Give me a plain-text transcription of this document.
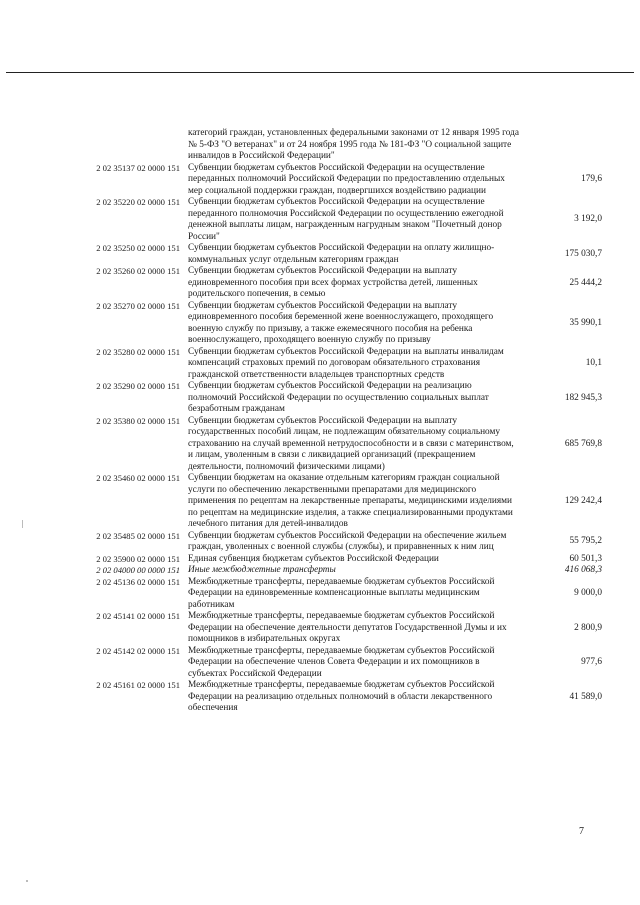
категорий граждан, установленных федеральными законами от 12 января 1995 года № 5-ФЗ "О ветеранах" и от 24 ноября 1995 года № 181-ФЗ "О социальной защите инвалидов в Российской Федерации"
2 02 35137 02 0000 151 Субвенции бюджетам субъектов Российской Федерации на осуществление переданных полномочий Российской Федерации по предоставлению отдельных мер социальной поддержки граждан, подвергшихся воздействию радиации
179,6
2 02 35220 02 0000 151 Субвенции бюджетам субъектов Российской Федерации на осуществление переданного полномочия Российской Федерации по осуществлению ежегодной денежной выплаты лицам, награжденным нагрудным знаком "Почетный донор России"
3 192,0
2 02 35250 02 0000 151 Субвенции бюджетам субъектов Российской Федерации на оплату жилищно-коммунальных услуг отдельным категориям граждан
175 030,7
2 02 35260 02 0000 151 Субвенции бюджетам субъектов Российской Федерации на выплату единовременного пособия при всех формах устройства детей, лишенных родительского попечения, в семью
25 444,2
2 02 35270 02 0000 151 Субвенции бюджетам субъектов Российской Федерации на выплату единовременного пособия беременной жене военнослужащего, проходящего военную службу по призыву, а также ежемесячного пособия на ребенка военнослужащего, проходящего военную службу по призыву
35 990,1
2 02 35280 02 0000 151 Субвенции бюджетам субъектов Российской Федерации на выплаты инвалидам компенсаций страховых премий по договорам обязательного страхования гражданской ответственности владельцев транспортных средств
10,1
2 02 35290 02 0000 151 Субвенции бюджетам субъектов Российской Федерации на реализацию полномочий Российской Федерации по осуществлению социальных выплат безработным гражданам
182 945,3
2 02 35380 02 0000 151 Субвенции бюджетам субъектов Российской Федерации на выплату государственных пособий лицам, не подлежащим обязательному социальному страхованию на случай временной нетрудоспособности и в связи с материнством, и лицам, уволенным в связи с ликвидацией организаций (прекращением деятельности, полномочий физическими лицами)
685 769,8
2 02 35460 02 0000 151 Субвенции бюджетам на оказание отдельным категориям граждан социальной услуги по обеспечению лекарственными препаратами для медицинского применения по рецептам на лекарственные препараты, медицинскими изделиями по рецептам на медицинские изделия, а также специализированными продуктами лечебного питания для детей-инвалидов
129 242,4
2 02 35485 02 0000 151 Субвенции бюджетам субъектов Российской Федерации на обеспечение жильем граждан, уволенных с военной службы (службы), и приравненных к ним лиц
55 795,2
2 02 35900 02 0000 151 Единая субвенция бюджетам субъектов Российской Федерации	60 501,3
2 02 04000 00 0000 151 Иные межбюджетные трансферты	416 068,3
2 02 45136 02 0000 151 Межбюджетные трансферты, передаваемые бюджетам субъектов Российской Федерации на единовременные компенсационные выплаты медицинским работникам
9 000,0
2 02 45141 02 0000 151 Межбюджетные трансферты, передаваемые бюджетам субъектов Российской Федерации на обеспечение деятельности депутатов Государственной Думы и их помощников в избирательных округах
2 800,9
2 02 45142 02 0000 151 Межбюджетные трансферты, передаваемые бюджетам субъектов Российской Федерации на обеспечение членов Совета Федерации и их помощников в субъектах Российской Федерации
977,6
2 02 45161 02 0000 151 Межбюджетные трансферты, передаваемые бюджетам субъектов Российской Федерации на реализацию отдельных полномочий в области лекарственного обеспечения
41 589,0
7
